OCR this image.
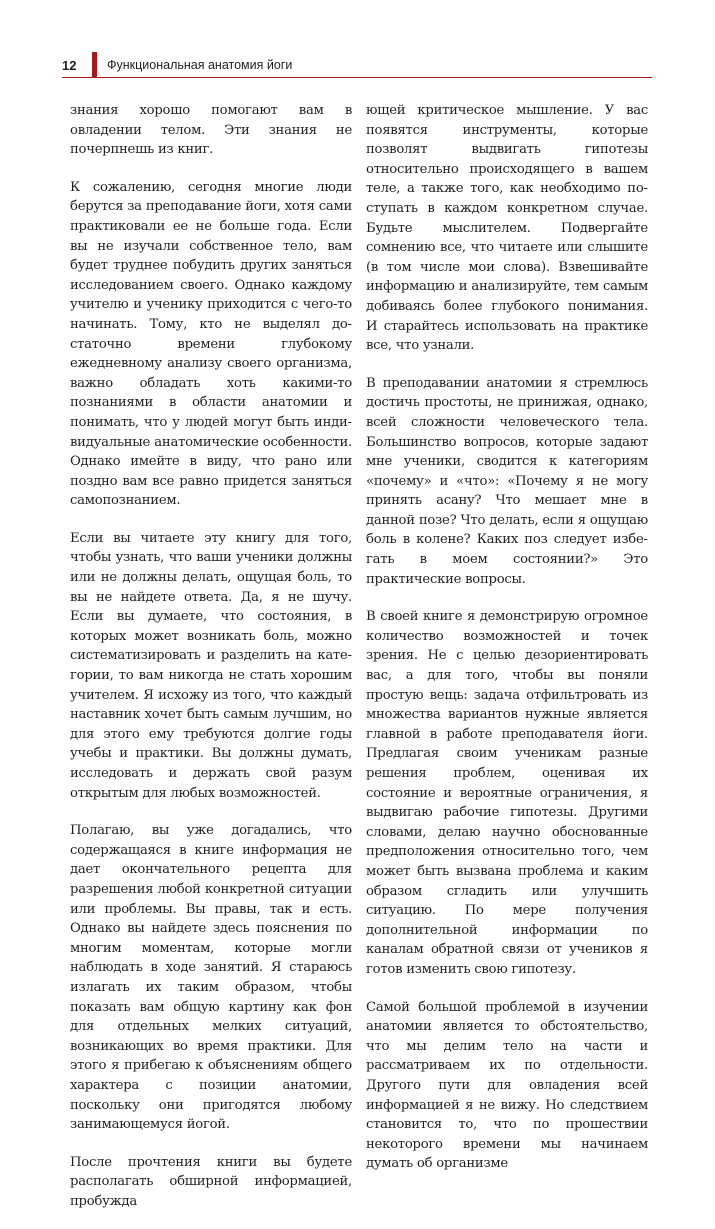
12	Функциональная анатомия йоги

знания хорошо помогают вам в овладении телом. Эти знания не почерпнешь из книг.

К сожалению, сегодня многие люди берутся за преподавание йоги, хотя сами практиковали ее не больше года. Если вы не изучали собственное тело, вам будет труднее побудить других заняться исследованием своего. Однако каждому учителю и ученику приходится с чего-то начинать. Тому, кто не выделял достаточно времени глубокому ежедневному анализу своего организма, важно обладать хоть какими-то познаниями в области анатомии и понимать, что у людей могут быть индивидуальные анатомические особенности. Однако имейте в виду, что рано или поздно вам все равно придется заняться самопознанием.

Если вы читаете эту книгу для того, чтобы узнать, что ваши ученики должны или не должны делать, ощущая боль, то вы не найдете ответа. Да, я не шучу. Если вы думаете, что состояния, в которых может возникать боль, можно систематизировать и разделить на категории, то вам никогда не стать хорошим учителем. Я исхожу из того, что каждый наставник хочет быть самым лучшим, но для этого ему требуются долгие годы учебы и практики. Вы должны думать, исследовать и держать свой разум открытым для любых возможностей.

Полагаю, вы уже догадались, что содержащаяся в книге информация не дает окончательного рецепта для разрешения любой конкретной ситуации или проблемы. Вы правы, так и есть. Однако вы найдете здесь пояснения по многим моментам, которые могли наблюдать в ходе занятий. Я стараюсь излагать их таким образом, чтобы показать вам общую картину как фон для отдельных мелких ситуаций, возникающих во время практики. Для этого я прибегаю к объяснениям общего характера с позиции анатомии, поскольку они пригодятся любому занимающемуся йогой.

После прочтения книги вы будете располагать обширной информацией, пробужда

ющей критическое мышление. У вас появятся инструменты, которые позволят выдвигать гипотезы относительно происходящего в вашем теле, а также того, как необходимо поступать в каждом конкретном случае. Будьте мыслителем. Подвергайте сомнению все, что читаете или слышите (в том числе мои слова). Взвешивайте информацию и анализируйте, тем самым добиваясь более глубокого понимания. И старайтесь использовать на практике все, что узнали.

В преподавании анатомии я стремлюсь достичь простоты, не принижая, однако, всей сложности человеческого тела. Большинство вопросов, которые задают мне ученики, сводится к категориям «почему» и «что»: «Почему я не могу принять асану? Что мешает мне в данной позе? Что делать, если я ощущаю боль в колене? Каких поз следует избегать в моем состоянии?» Это практические вопросы.

В своей книге я демонстрирую огромное количество возможностей и точек зрения. Не с целью дезориентировать вас, а для того, чтобы вы поняли простую вещь: задача отфильтровать из множества вариантов нужные является главной в работе преподавателя йоги. Предлагая своим ученикам разные решения проблем, оценивая их состояние и вероятные ограничения, я выдвигаю рабочие гипотезы. Другими словами, делаю научно обоснованные предположения относительно того, чем может быть вызвана проблема и каким образом сгладить или улучшить ситуацию. По мере получения дополнительной информации по каналам обратной связи от учеников я готов изменить свою гипотезу.

Самой большой проблемой в изучении анатомии является то обстоятельство, что мы делим тело на части и рассматриваем их по отдельности. Другого пути для овладения всей информацией я не вижу. Но следствием становится то, что по прошествии некоторого времени мы начинаем думать об организме
